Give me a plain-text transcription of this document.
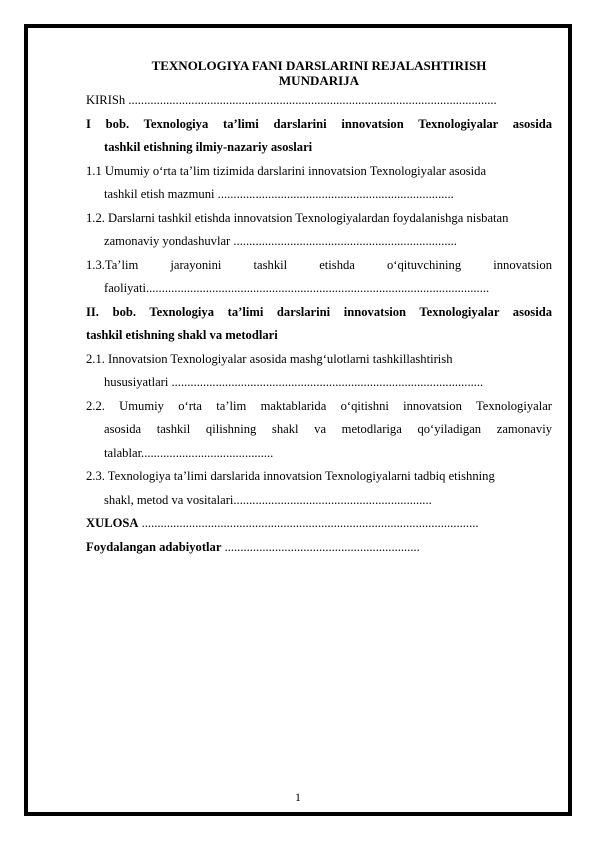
TEXNOLOGIYA FANI DARSLARINI REJALASHTIRISH
MUNDARIJA
KIRISh .....................................................................................................................
I bob. Texnologiya ta’limi darslarini innovatsion Texnologiyalar asosida
tashkil etishning ilmiy-nazariy asoslari
1.1 Umumiy o‘rta ta’lim tizimida darslarini innovatsion Texnologiyalar asosida
tashkil etish mazmuni ...........................................................................
1.2. Darslarni tashkil etishda innovatsion Texnologiyalardan foydalanishga nisbatan
zamonaviy yondashuvlar .......................................................................
1.3.Ta’lim jarayonini tashkil etishda o‘qituvchining innovatsion
faoliyati.............................................................................................................
II. bob. Texnologiya ta’limi darslarini innovatsion Texnologiyalar asosida
tashkil etishning shakl va metodlari
2.1. Innovatsion Texnologiyalar asosida mashg‘ulotlarni tashkillashtirish
hususiyatlari ...................................................................................................
2.2. Umumiy o‘rta ta’lim maktablarida o‘qitishni innovatsion Texnologiyalar
asosida tashkil qilishning shakl va metodlariga qo‘yiladigan zamonaviy
talablar..........................................
2.3. Texnologiya ta’limi darslarida innovatsion Texnologiyalarni tadbiq etishning
shakl, metod va vositalari...............................................................
XULOSA ...........................................................................................................
Foydalangan adabiyotlar ..............................................................
1
